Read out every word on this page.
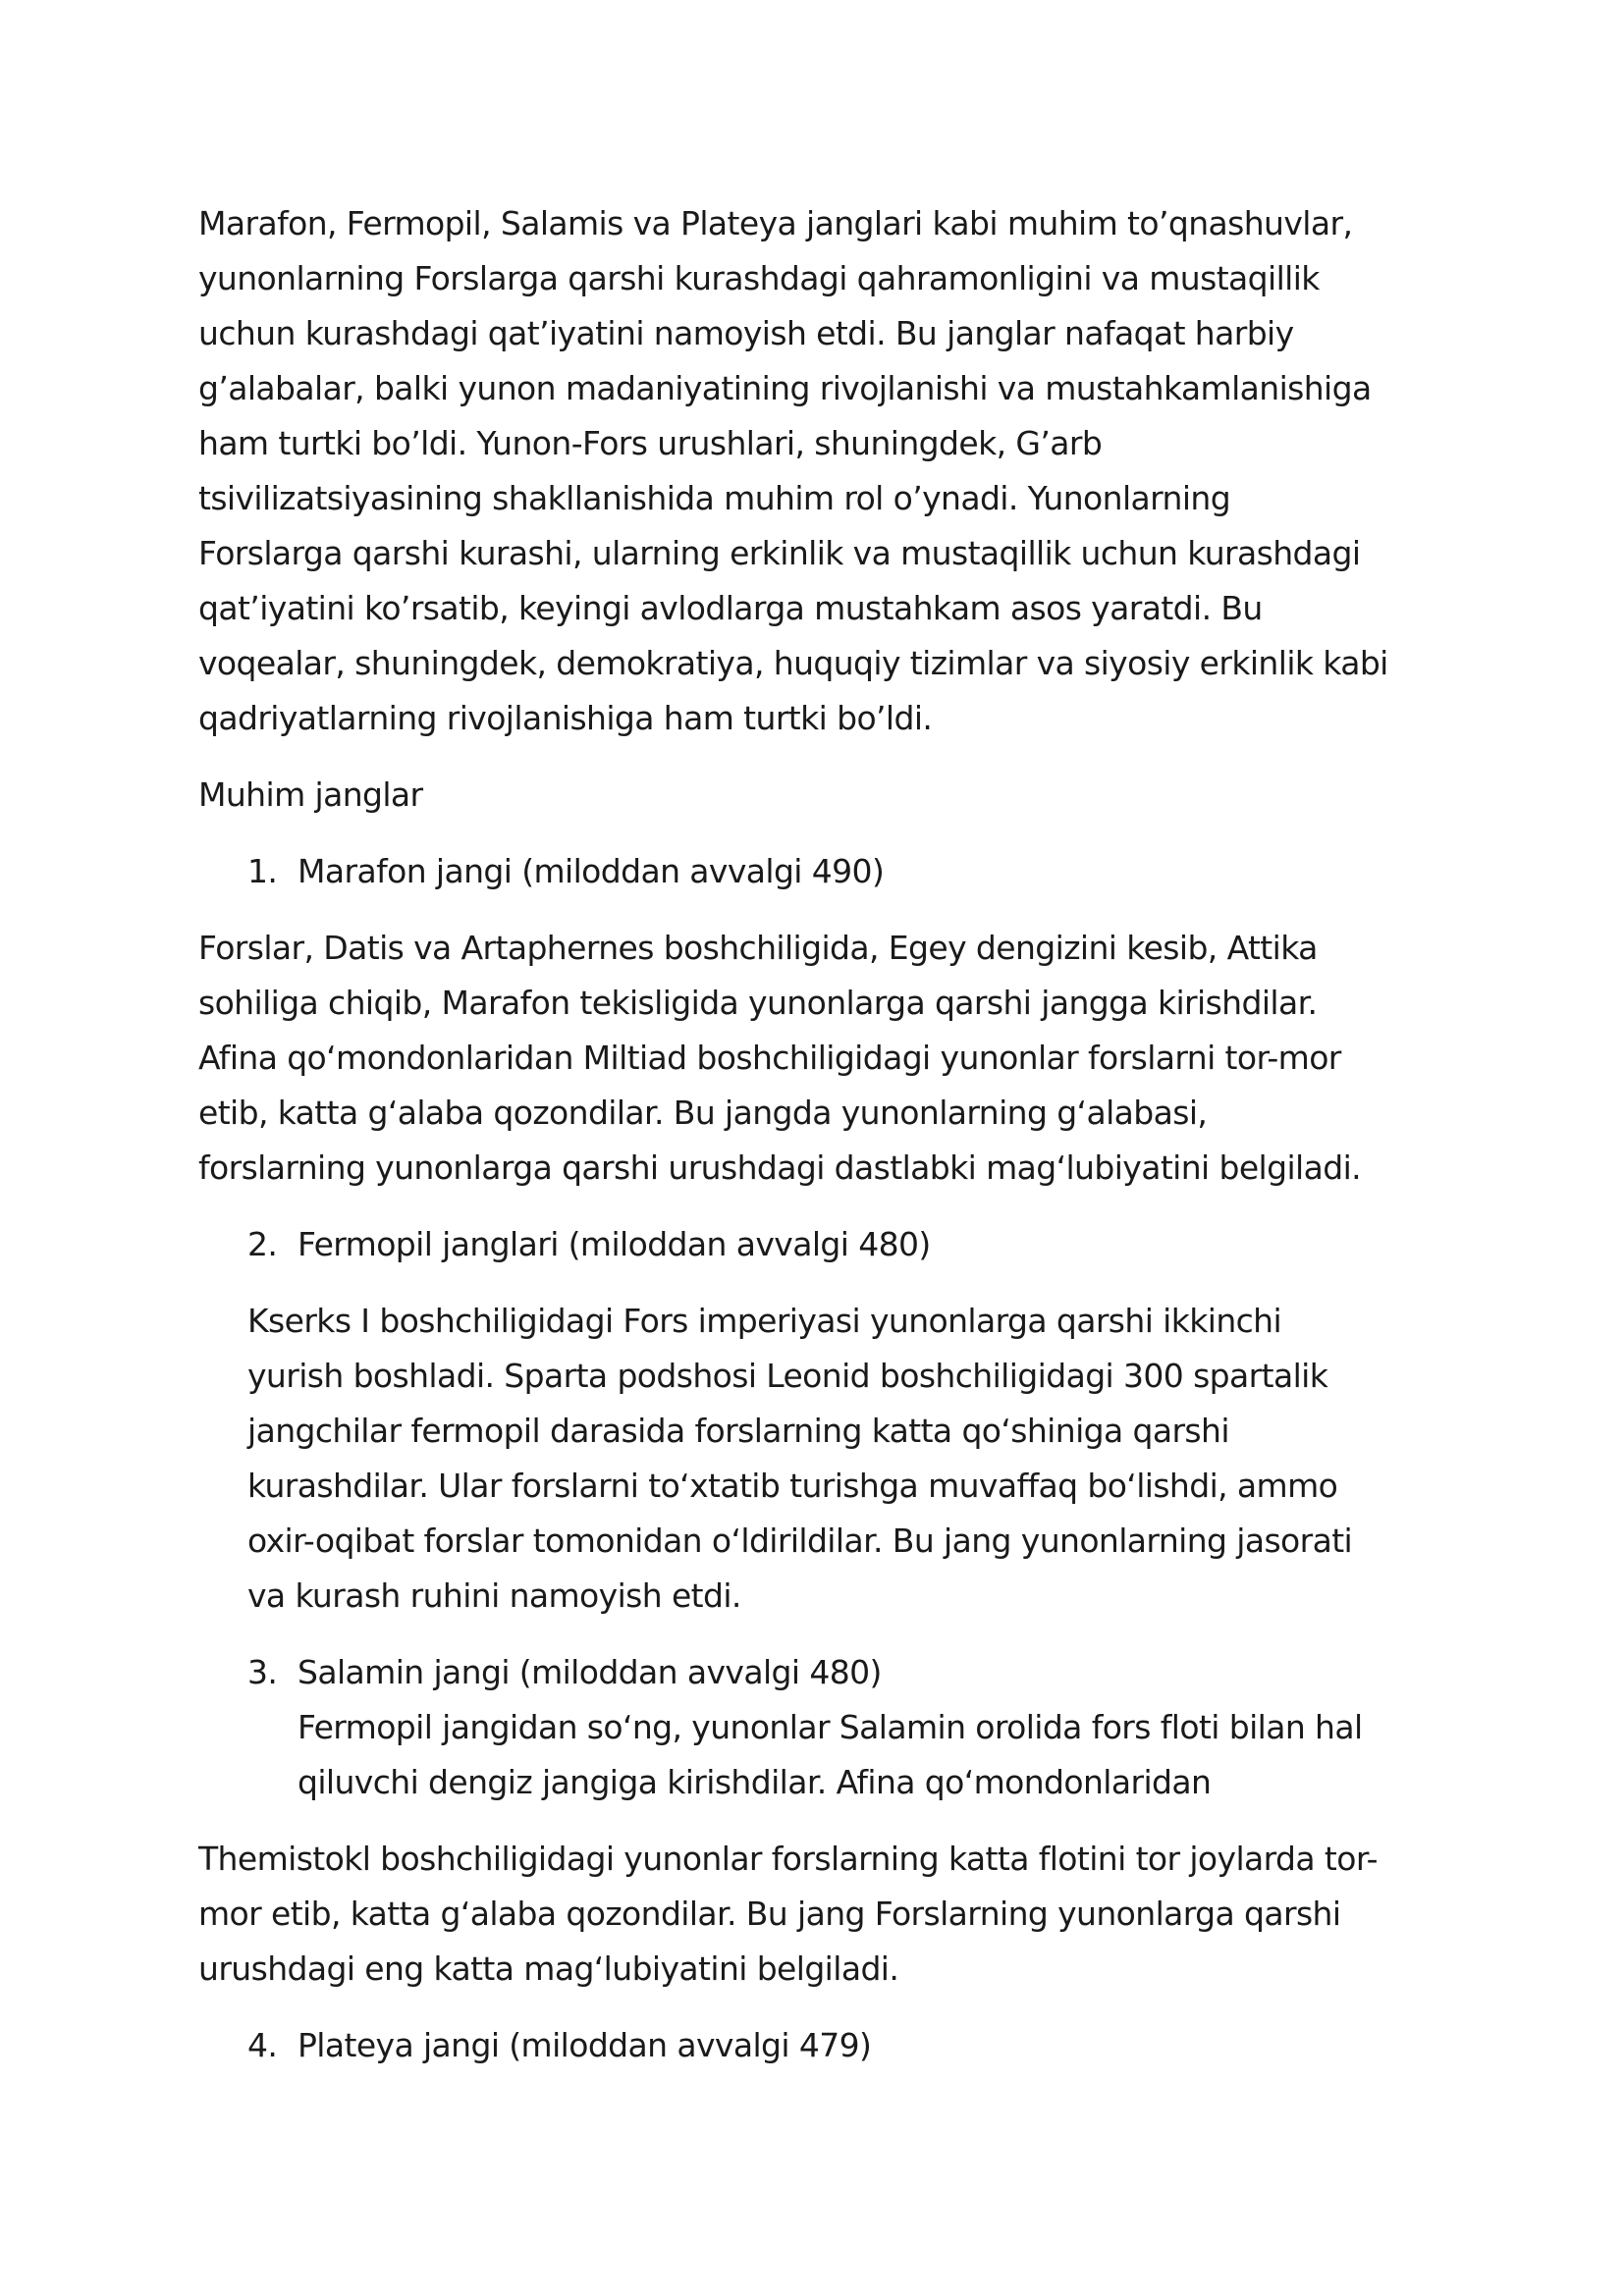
Marafon, Fermopil, Salamis va Plateya janglari kabi muhim to’qnashuvlar,
yunonlarning Forslarga qarshi kurashdagi qahramonligini va mustaqillik
uchun kurashdagi qat’iyatini namoyish etdi. Bu janglar nafaqat harbiy
g’alabalar, balki yunon madaniyatining rivojlanishi va mustahkamlanishiga
ham turtki bo’ldi. Yunon-Fors urushlari, shuningdek, G’arb
tsivilizatsiyasining shakllanishida muhim rol o’ynadi. Yunonlarning
Forslarga qarshi kurashi, ularning erkinlik va mustaqillik uchun kurashdagi
qat’iyatini ko’rsatib, keyingi avlodlarga mustahkam asos yaratdi. Bu
voqealar, shuningdek, demokratiya, huquqiy tizimlar va siyosiy erkinlik kabi
qadriyatlarning rivojlanishiga ham turtki bo’ldi.

Muhim janglar

1. Marafon jangi (miloddan avvalgi 490)

Forslar, Datis va Artaphernes boshchiligida, Egey dengizini kesib, Attika
sohiliga chiqib, Marafon tekisligida yunonlarga qarshi jangga kirishdilar.
Afina qo‘mondonlaridan Miltiad boshchiligidagi yunonlar forslarni tor-mor
etib, katta g‘alaba qozondilar. Bu jangda yunonlarning g‘alabasi,
forslarning yunonlarga qarshi urushdagi dastlabki mag‘lubiyatini belgiladi.

2. Fermopil janglari (miloddan avvalgi 480)

Kserks I boshchiligidagi Fors imperiyasi yunonlarga qarshi ikkinchi
yurish boshladi. Sparta podshosi Leonid boshchiligidagi 300 spartalik
jangchilar fermopil darasida forslarning katta qo‘shiniga qarshi
kurashdilar. Ular forslarni to‘xtatib turishga muvaffaq bo‘lishdi, ammo
oxir-oqibat forslar tomonidan o‘ldirildilar. Bu jang yunonlarning jasorati
va kurash ruhini namoyish etdi.

3. Salamin jangi (miloddan avvalgi 480)

Fermopil jangidan so‘ng, yunonlar Salamin orolida fors floti bilan hal
qiluvchi dengiz jangiga kirishdilar. Afina qo‘mondonlaridan

Themistokl boshchiligidagi yunonlar forslarning katta flotini tor joylarda tor-
mor etib, katta g‘alaba qozondilar. Bu jang Forslarning yunonlarga qarshi
urushdagi eng katta mag‘lubiyatini belgiladi.

4. Plateya jangi (miloddan avvalgi 479)
